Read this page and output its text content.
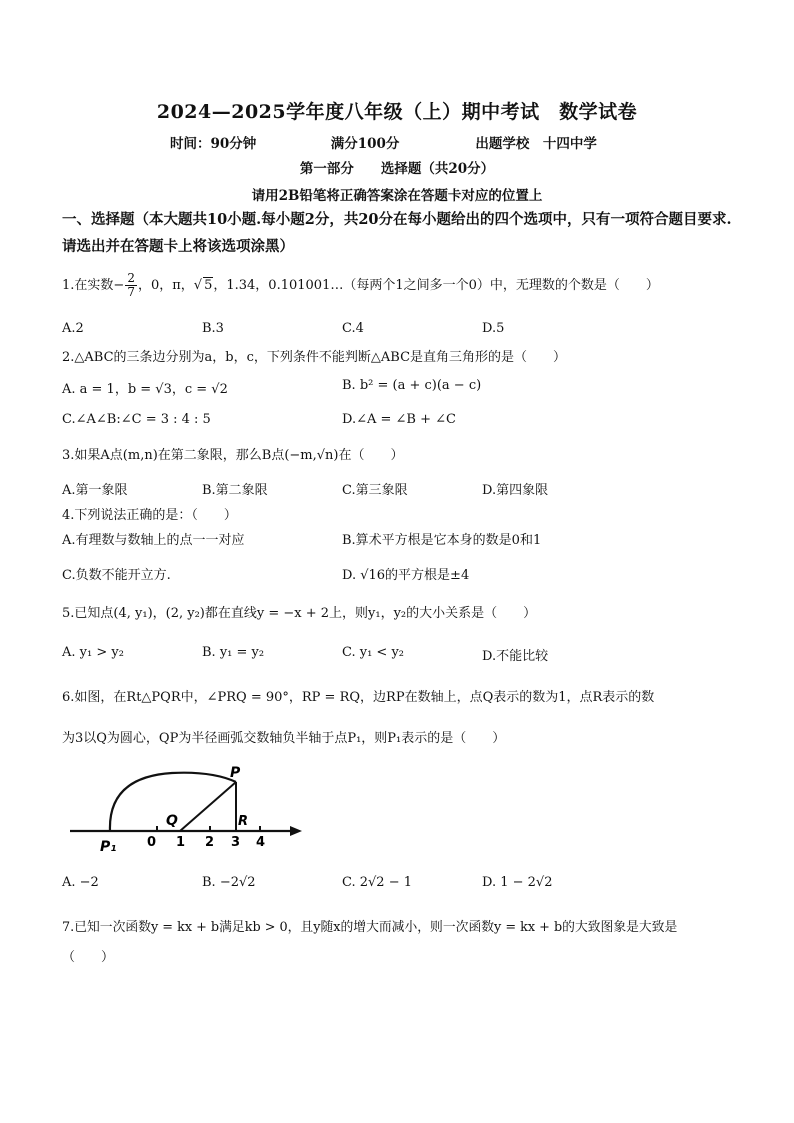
2024—2025学年度八年级（上）期中考试　数学试卷
时间：90分钟	满分100分	出题学校　十四中学
第一部分　　选择题（共20分）
请用2B铅笔将正确答案涂在答题卡对应的位置上
一、选择题（本大题共10小题.每小题2分，共20分在每小题给出的四个选项中，只有一项符合题目要求.请选出并在答题卡上将该选项涂黑）
1.在实数− $\frac{2}{7}$ ，0，π，√ 5，1.34，0.101001…（每两个1之间多一个0）中，无理数的个数是（　　）
A.2	B.3	C.4	D.5
2.△ABC的三条边分别为a，b，c，下列条件不能判断△ABC是直角三角形的是（　　）
A. a = 1，b = √3，c = √2	B. b² = (a + c)(a − c)
C.∠A∠B:∠C = 3 : 4 : 5	D.∠A = ∠B + ∠C
3.如果A点(m,n)在第二象限，那么B点(−m,√n)在（　　）
A.第一象限	B.第二象限	C.第三象限	D.第四象限
4.下列说法正确的是：（　　）
A.有理数与数轴上的点一一对应	B.算术平方根是它本身的数是0和1
C.负数不能开立方.	D. √16的平方根是±4
5.已知点(4, y₁)，(2, y₂)都在直线y = −x + 2上，则y₁，y₂的大小关系是（　　）
A. y₁ > y₂	B. y₁ = y₂	C. y₁ < y₂	D.不能比较
6.如图，在Rt△PQR中，∠PRQ = 90°，RP = RQ，边RP在数轴上，点Q表示的数为1，点R表示的数
为3以Q为圆心，QP为半径画弧交数轴负半轴于点P₁，则P₁表示的是（　　）
P
Q	R
P₁ 0 1 2 3 4
A. −2	B. −2√2	C. 2√2 − 1	D. 1 − 2√2
7.已知一次函数y = kx + b满足kb > 0，且y随x的增大而减小，则一次函数y = kx + b的大致图象是大致是
（　　）
